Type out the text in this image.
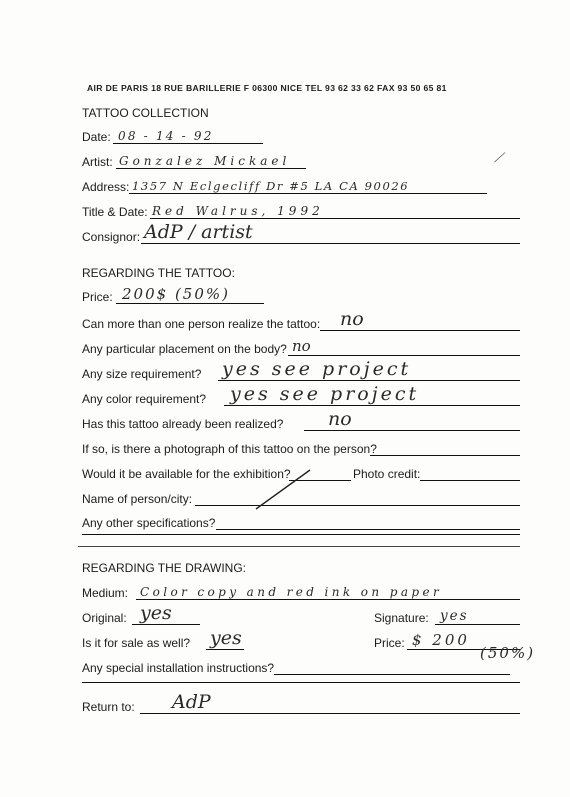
AIR DE PARIS 18 RUE BARILLERIE F 06300 NICE TEL 93 62 33 62 FAX 93 50 65 81
TATTOO COLLECTION
Date: 08 - 14 - 92
Artist: Gonzalez Mickael	⟋
Address: 1357 N Eclgecliff Dr #5 LA CA 90026
Title & Date: Red Walrus, 1992
Consignor: AdP / artist
REGARDING THE TATTOO:
Price: 200$ (50%)
Can more than one person realize the tattoo: no
Any particular placement on the body? no
Any size requirement? yes see project
Any color requirement? yes see project
Has this tattoo already been realized? no
If so, is there a photograph of this tattoo on the person?
Would it be available for the exhibition?	Photo credit:
Name of person/city:
Any other specifications?
REGARDING THE DRAWING:
Medium: Color copy and red ink on paper
Original: yes	Signature: yes
Is it for sale as well? yes	Price: $ 200
(50%)
Any special installation instructions?
Return to: AdP
